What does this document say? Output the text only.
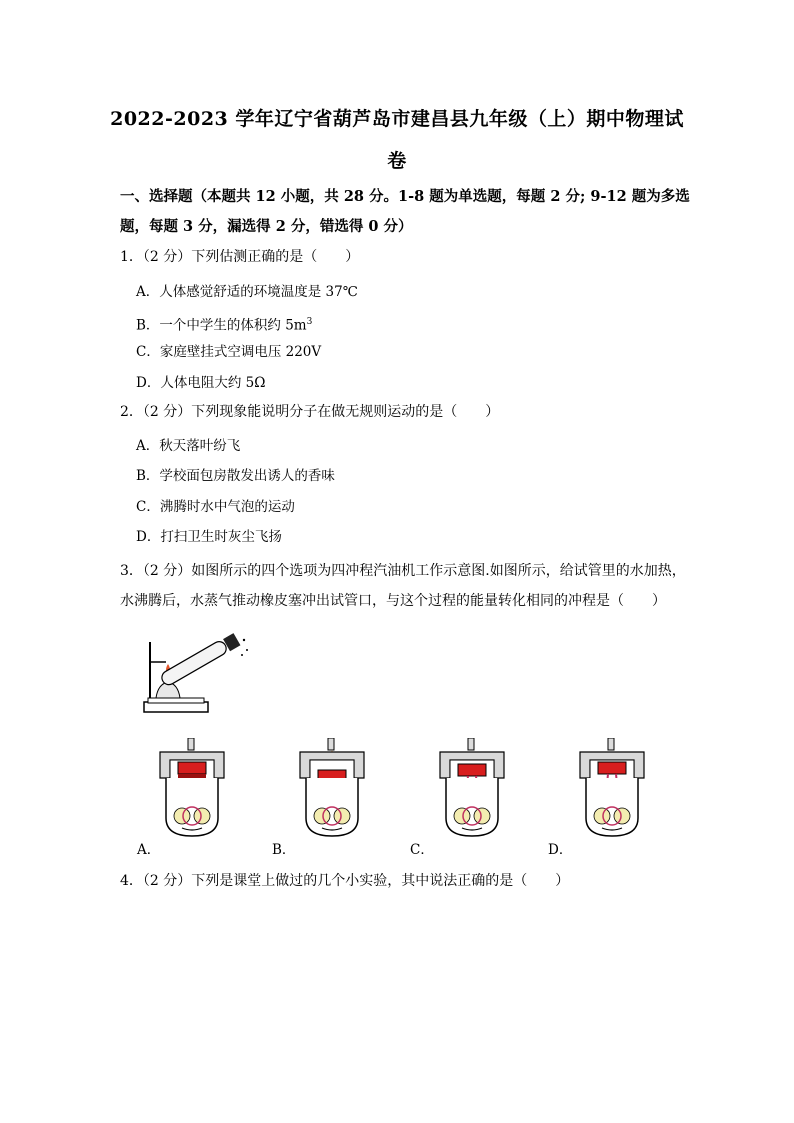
2022-2023 学年辽宁省葫芦岛市建昌县九年级（上）期中物理试
卷
一、选择题（本题共 12 小题，共 28 分。1-8 题为单选题，每题 2 分; 9-12 题为多选题，每题 3 分，漏选得 2 分，错选得 0 分）
1．（2 分）下列估测正确的是（　　）
A．人体感觉舒适的环境温度是 37℃
B．一个中学生的体积约 $5m^3$
C．家庭壁挂式空调电压 220V
D．人体电阻大约 5Ω
2．（2 分）下列现象能说明分子在做无规则运动的是（　　）
A．秋天落叶纷飞
B．学校面包房散发出诱人的香味
C．沸腾时水中气泡的运动
D．打扫卫生时灰尘飞扬
3．（2 分）如图所示的四个选项为四冲程汽油机工作示意图.如图所示，给试管里的水加热，水沸腾后，水蒸气推动橡皮塞冲出试管口，与这个过程的能量转化相同的冲程是（　　）
A．	B．	C．	D．
4．（2 分）下列是课堂上做过的几个小实验，其中说法正确的是（　　）
